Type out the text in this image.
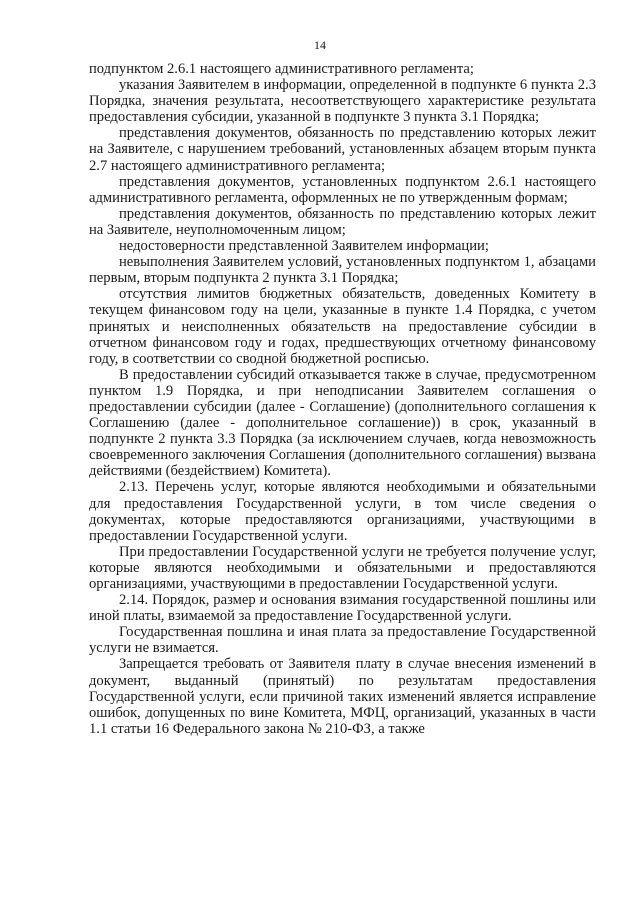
14

подпунктом 2.6.1 настоящего административного регламента;

указания Заявителем в информации, определенной в подпункте 6 пункта 2.3 Порядка, значения результата, несоответствующего характеристике результата предоставления субсидии, указанной в подпункте 3 пункта 3.1 Порядка;

представления документов, обязанность по представлению которых лежит на Заявителе, с нарушением требований, установленных абзацем вторым пункта 2.7 настоящего административного регламента;

представления документов, установленных подпунктом 2.6.1 настоящего административного регламента, оформленных не по утвержденным формам;

представления документов, обязанность по представлению которых лежит на Заявителе, неуполномоченным лицом;

недостоверности представленной Заявителем информации;

невыполнения Заявителем условий, установленных подпунктом 1, абзацами первым, вторым подпункта 2 пункта 3.1 Порядка;

отсутствия лимитов бюджетных обязательств, доведенных Комитету в текущем финансовом году на цели, указанные в пункте 1.4 Порядка, с учетом принятых и неисполненных обязательств на предоставление субсидии в отчетном финансовом году и годах, предшествующих отчетному финансовому году, в соответствии со сводной бюджетной росписью.

В предоставлении субсидий отказывается также в случае, предусмотренном пунктом 1.9 Порядка, и при неподписании Заявителем соглашения о предоставлении субсидии (далее - Соглашение) (дополнительного соглашения к Соглашению (далее - дополнительное соглашение)) в срок, указанный в подпункте 2 пункта 3.3 Порядка (за исключением случаев, когда невозможность своевременного заключения Соглашения (дополнительного соглашения) вызвана действиями (бездействием) Комитета).

2.13. Перечень услуг, которые являются необходимыми и обязательными для предоставления Государственной услуги, в том числе сведения о документах, которые предоставляются организациями, участвующими в предоставлении Государственной услуги.

При предоставлении Государственной услуги не требуется получение услуг, которые являются необходимыми и обязательными и предоставляются организациями, участвующими в предоставлении Государственной услуги.

2.14. Порядок, размер и основания взимания государственной пошлины или иной платы, взимаемой за предоставление Государственной услуги.

Государственная пошлина и иная плата за предоставление Государственной услуги не взимается.

Запрещается требовать от Заявителя плату в случае внесения изменений в документ, выданный (принятый) по результатам предоставления Государственной услуги, если причиной таких изменений является исправление ошибок, допущенных по вине Комитета, МФЦ, организаций, указанных в части 1.1 статьи 16 Федерального закона № 210-ФЗ, а также
